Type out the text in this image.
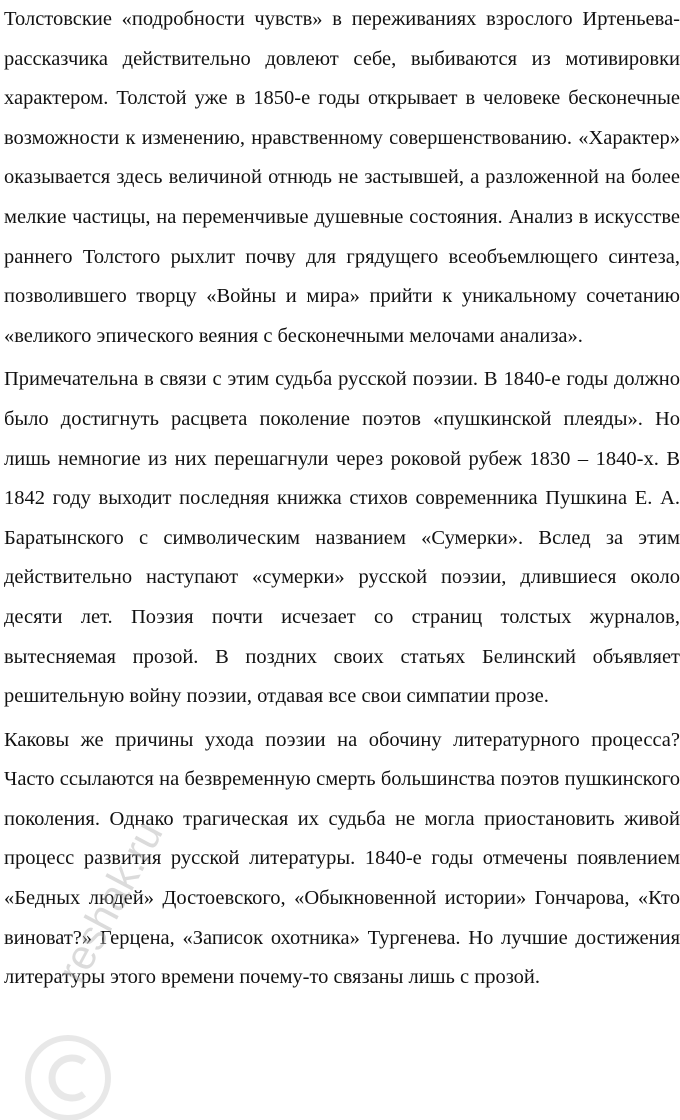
Толстовские «подробности чувств» в переживаниях взрослого Иртеньева-рассказчика действительно довлеют себе, выбиваются из мотивировки характером. Толстой уже в 1850-е годы открывает в человеке бесконечные возможности к изменению, нравственному совершенствованию. «Характер» оказывается здесь величиной отнюдь не застывшей, а разложенной на более мелкие частицы, на переменчивые душевные состояния. Анализ в искусстве раннего Толстого рыхлит почву для грядущего всеобъемлющего синтеза, позволившего творцу «Войны и мира» прийти к уникальному сочетанию «великого эпического веяния с бесконечными мелочами анализа».

Примечательна в связи с этим судьба русской поэзии. В 1840-е годы должно было достигнуть расцвета поколение поэтов «пушкинской плеяды». Но лишь немногие из них перешагнули через роковой рубеж 1830 – 1840-х. В 1842 году выходит последняя книжка стихов современника Пушкина Е. А. Баратынского с символическим названием «Сумерки». Вслед за этим действительно наступают «сумерки» русской поэзии, длившиеся около десяти лет. Поэзия почти исчезает со страниц толстых журналов, вытесняемая прозой. В поздних своих статьях Белинский объявляет решительную войну поэзии, отдавая все свои симпатии прозе.

Каковы же причины ухода поэзии на обочину литературного процесса? Часто ссылаются на безвременную смерть большинства поэтов пушкинского поколения. Однако трагическая их судьба не могла приостановить живой процесс развития русской литературы. 1840-е годы отмечены появлением «Бедных людей» Достоевского, «Обыкновенной истории» Гончарова, «Кто виноват?» Герцена, «Записок охотника» Тургенева. Но лучшие достижения литературы этого времени почему-то связаны лишь с прозой.

reshak.ru
